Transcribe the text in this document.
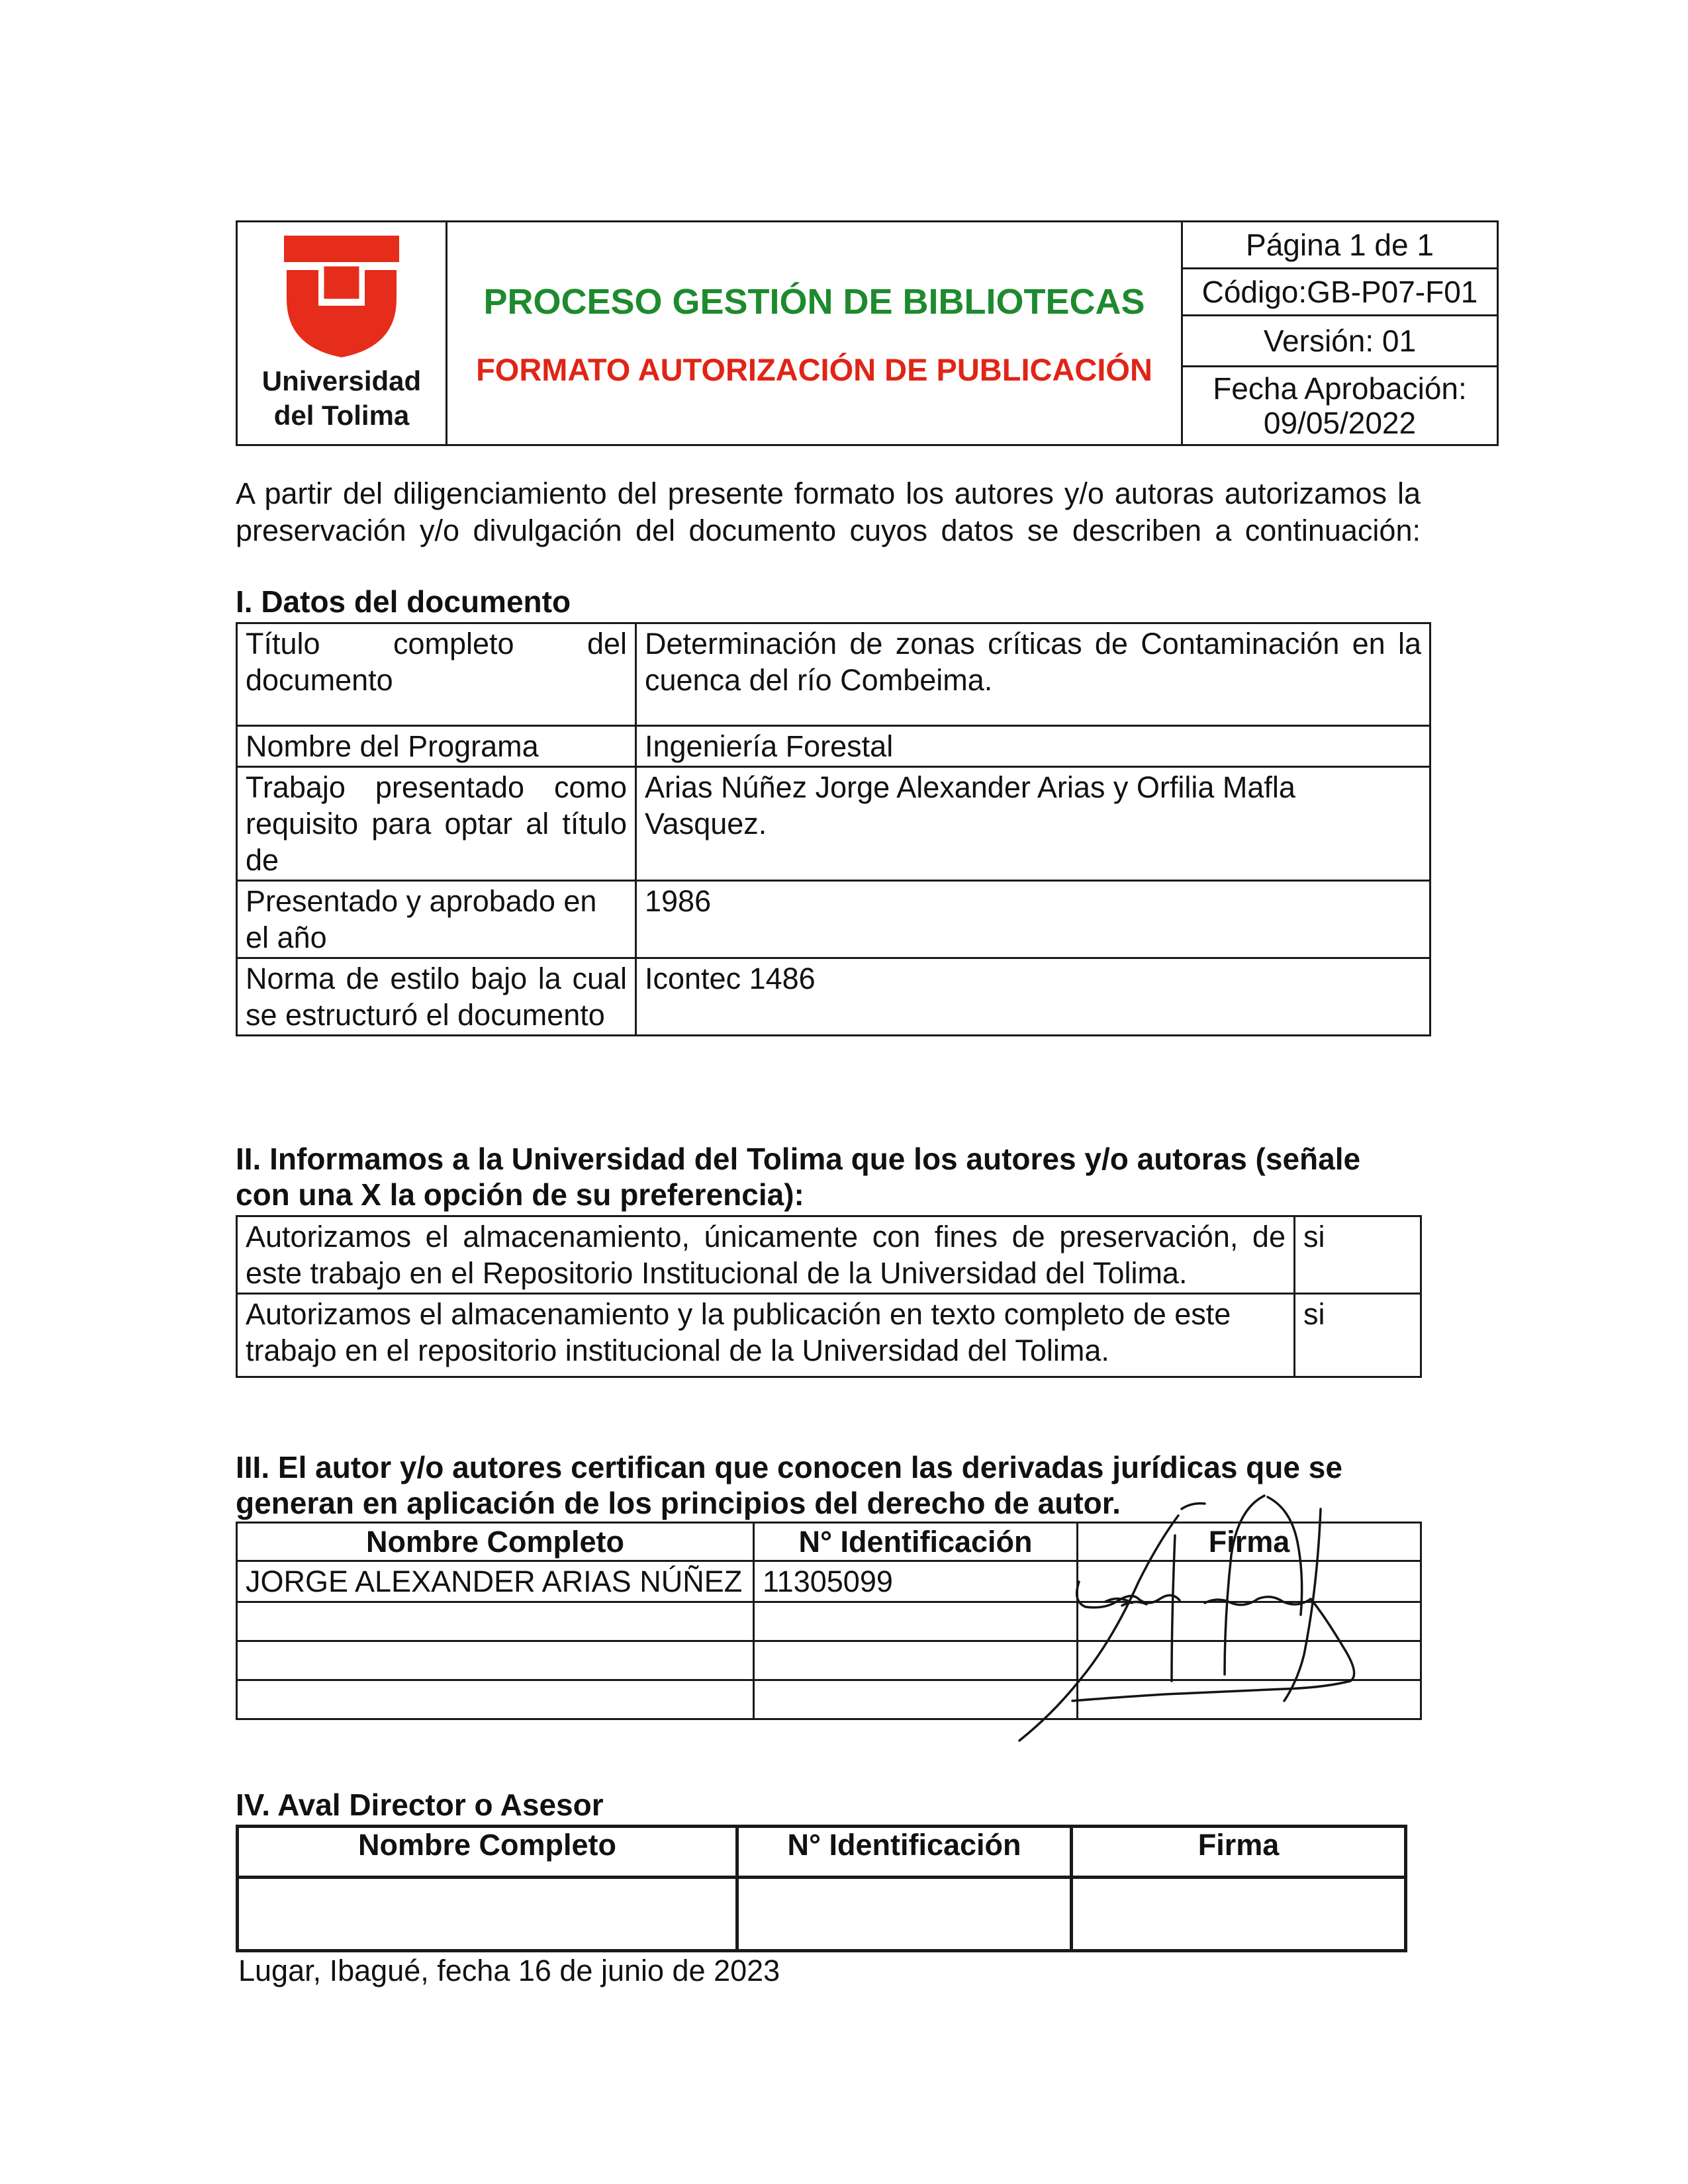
Universidad
del Tolima

PROCESO GESTIÓN DE BIBLIOTECAS
FORMATO AUTORIZACIÓN DE PUBLICACIÓN
	Página 1 de 1
Código:GB-P07-F01
Versión: 01

Fecha Aprobación:
09/05/2022
A partir del diligenciamiento del presente formato los autores y/o autoras autorizamos la preservación y/o divulgación del documento cuyos datos se describen a continuación:
I. Datos del documento
Título completo del documento	Determinación de zonas críticas de Contaminación en la cuenca del río Combeima.
Nombre del Programa	Ingeniería Forestal
Trabajo presentado como requisito para optar al título de	Arias Núñez Jorge Alexander Arias y Orfilia Mafla Vasquez.
Presentado y aprobado en el año	1986
Norma de estilo bajo la cual se estructuró el documento	Icontec 1486
II. Informamos a la Universidad del Tolima que los autores y/o autoras (señale con una X la opción de su preferencia):
Autorizamos el almacenamiento, únicamente con fines de preservación, de este trabajo en el Repositorio Institucional de la Universidad del Tolima.	si
Autorizamos el almacenamiento y la publicación en texto completo de este trabajo en el repositorio institucional de la Universidad del Tolima.	si
III. El autor y/o autores certifican que conocen las derivadas jurídicas que se generan en aplicación de los principios del derecho de autor.
Nombre Completo	N° Identificación	Firma
JORGE ALEXANDER ARIAS NÚÑEZ	11305099	

IV. Aval Director o Asesor
Nombre Completo	N° Identificación	Firma

Lugar, Ibagué, fecha 16 de junio de 2023
